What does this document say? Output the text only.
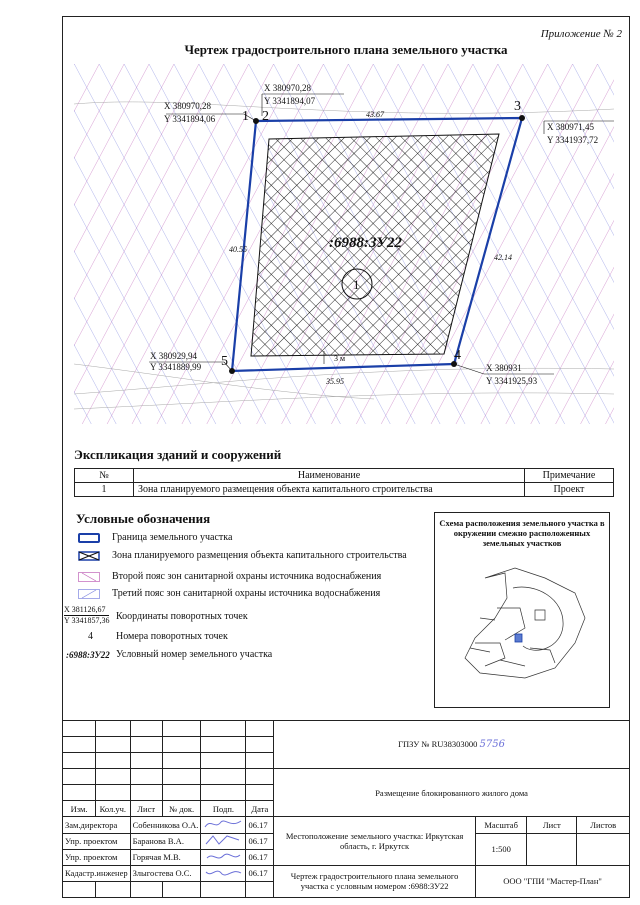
Приложение № 2
Чертеж градостроительного плана земельного участка
X 380970,28
Y 3341894,06
X 380970,28
Y 3341894,07
X 380971,45
Y 3341937,72
X 380931
Y 3341925,93
X 380929,94
Y 3341889,99
1 2
3
4
5
43.67
40.55
42.14
35.95
3 м
:6988:ЗУ22
1
Экспликация зданий и сооружений
№	Наименование	Примечание
1	Зона планируемого размещения объекта капитального строительства	Проект
Условные обозначения
Граница земельного участка
Зона планируемого размещения объекта капитального строительства
Второй пояс зон санитарной охраны источника водоснабжения
Третий пояс зон санитарной охраны источника водоснабжения
X 381126,67
Y 3341857,36 Координаты поворотных точек
4 Номера поворотных точек
:6988:ЗУ22 Условный номер земельного участка
Схема расположения земельного участка в окружении смежно расположенных земельных участков
						ГПЗУ № RU38303000 5756			

						Размещение блокированного жилого дома			

Изм.	Кол.уч.	Лист	№ док.	Подп.	Дата				
Зам.директора		Собенникова О.А.			06.17	Местоположение земельного участка: Иркутская область, г. Иркутск	Масштаб	Лист	Листов
Упр. проектом		Баранова В.А.			06.17		1:500		
Упр. проектом		Горячая М.В.			06.17				
Кадастр.инженер		Злыгостева О.С.			06.17	Чертеж градостроительного плана земельного участка с условным номером :6988:ЗУ22	ООО "ГПИ "Мастер-План"		
